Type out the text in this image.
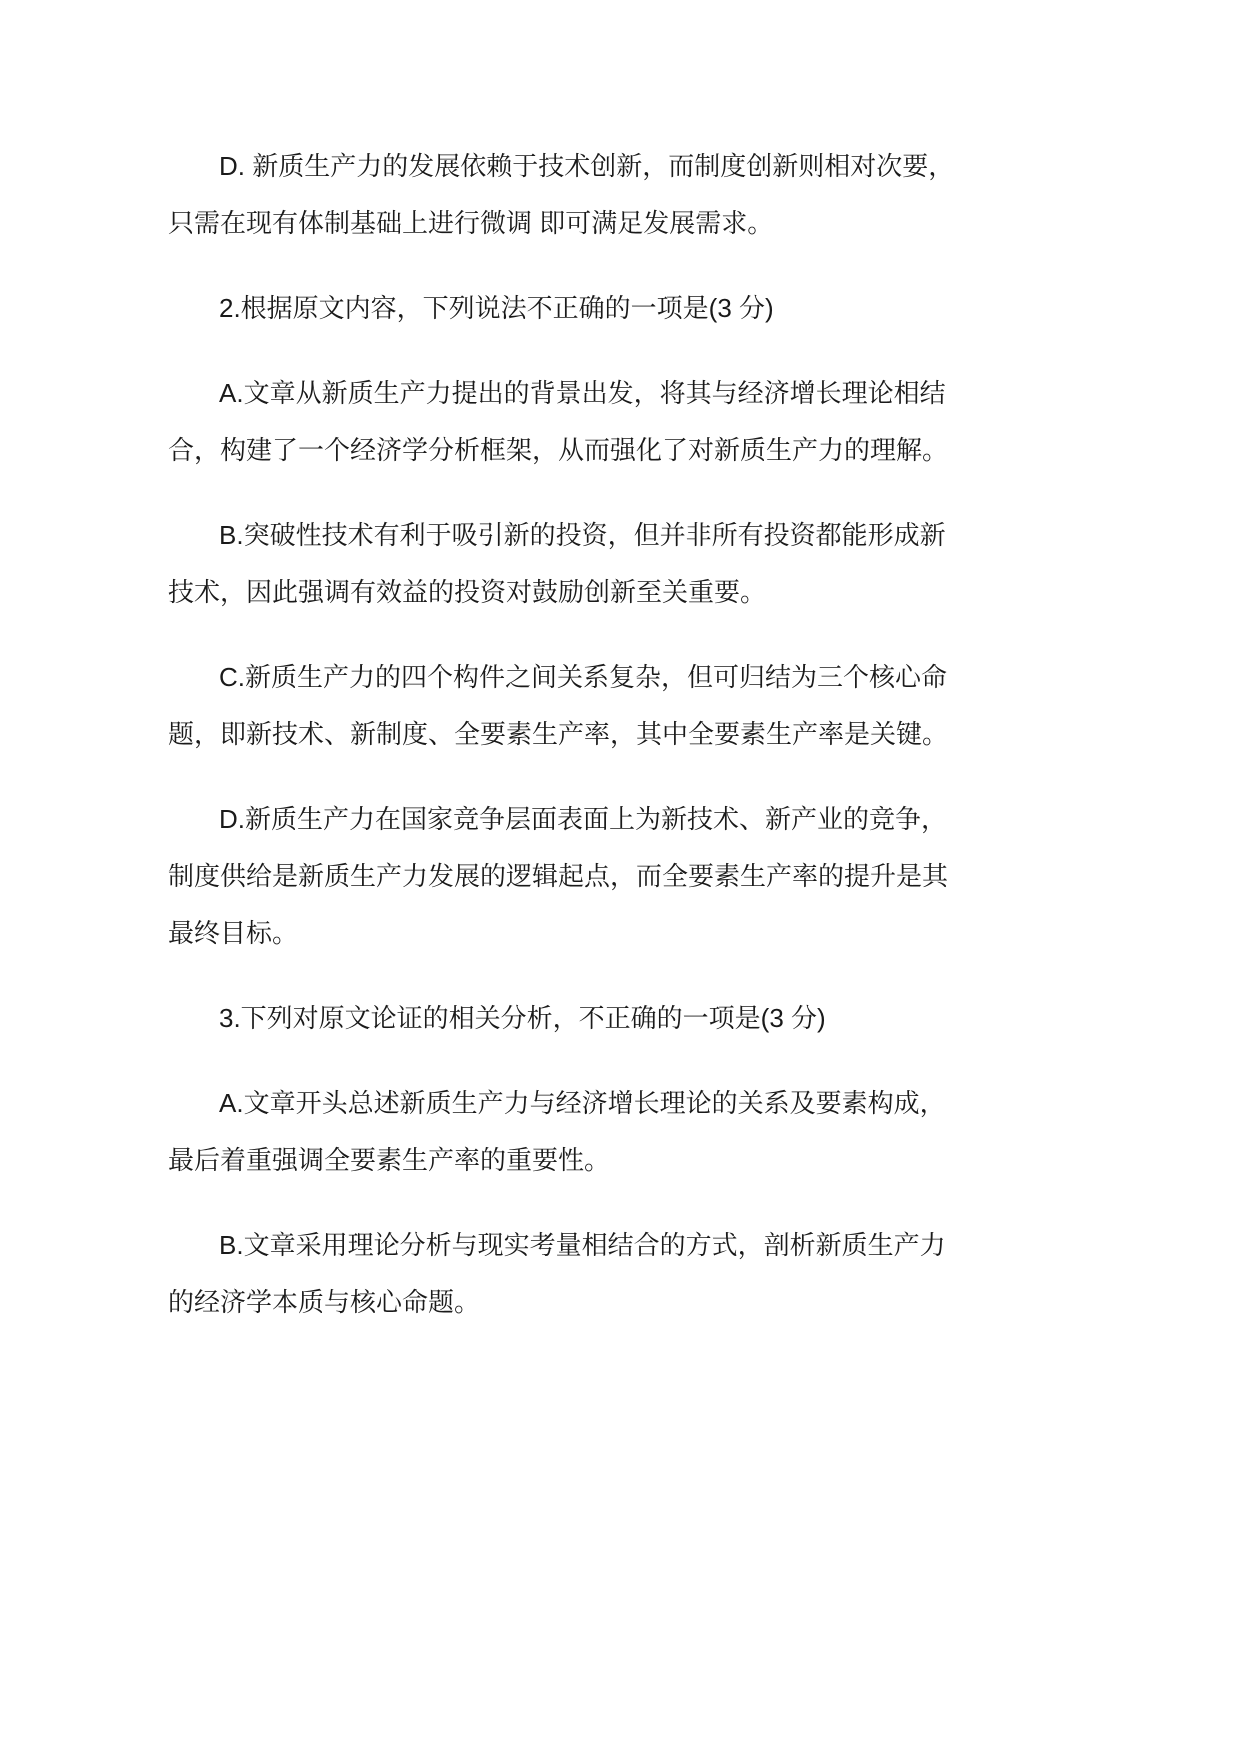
D. 新质生产力的发展依赖于技术创新，而制度创新则相对次要，
只需在现有体制基础上进行微调 即可满足发展需求。
2.根据原文内容，下列说法不正确的一项是(3 分)
A.文章从新质生产力提出的背景出发，将其与经济增长理论相结
合，构建了一个经济学分析框架，从而强化了对新质生产力的理解。
B.突破性技术有利于吸引新的投资，但并非所有投资都能形成新
技术，因此强调有效益的投资对鼓励创新至关重要。
C.新质生产力的四个构件之间关系复杂，但可归结为三个核心命
题，即新技术、新制度、全要素生产率，其中全要素生产率是关键。
D.新质生产力在国家竞争层面表面上为新技术、新产业的竞争，
制度供给是新质生产力发展的逻辑起点，而全要素生产率的提升是其
最终目标。
3.下列对原文论证的相关分析，不正确的一项是(3 分)
A.文章开头总述新质生产力与经济增长理论的关系及要素构成，
最后着重强调全要素生产率的重要性。
B.文章采用理论分析与现实考量相结合的方式，剖析新质生产力
的经济学本质与核心命题。
